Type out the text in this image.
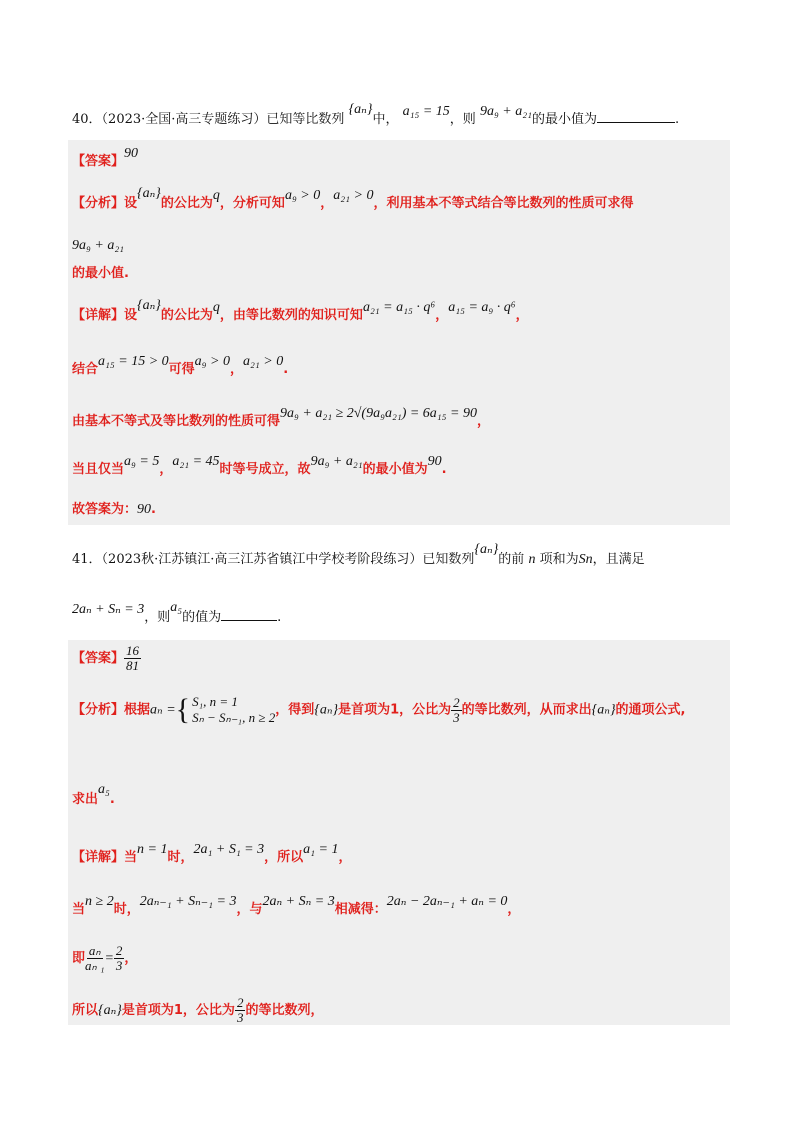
40．（2023·全国·高三专题练习）已知等比数列 {aₙ}中， a₁₅ = 15，则 9a₉ + a₂₁的最小值为	.
【答案】90
【分析】设{aₙ}的公比为q，分析可知a₉ > 0，a₂₁ > 0，利用基本不等式结合等比数列的性质可求得
9a₉ + a₂₁
的最小值.
【详解】设{aₙ}的公比为q，由等比数列的知识可知a₂₁ = a₁₅ · q⁶，a₁₅ = a₉ · q⁶，
结合a₁₅ = 15 > 0可得a₉ > 0，a₂₁ > 0.
由基本不等式及等比数列的性质可得9a₉ + a₂₁ ≥ 2√(9a₉a₂₁) = 6a₁₅ = 90，
当且仅当a₉ = 5，a₂₁ = 45时等号成立，故9a₉ + a₂₁的最小值为90.
故答案为：90.
41．（2023秋·江苏镇江·高三江苏省镇江中学校考阶段练习）已知数列{aₙ}的前 n 项和为Sn，且满足
2aₙ + Sₙ = 3，则a₅的值为	.
【答案】 $\frac{16}{81}$
【分析】根据aₙ = { S₁, n = 1
Sₙ − Sₙ₋₁, n ≥ 2 ，得到{aₙ}是首项为1，公比为 $\frac{2}{3}$ 的等比数列，从而求出{aₙ}的通项公式,
求出a₅.
【详解】当n = 1时，2a₁ + S₁ = 3，所以a₁ = 1，
当n ≥ 2时，2aₙ₋₁ + Sₙ₋₁ = 3，与2aₙ + Sₙ = 3相减得：2aₙ − 2aₙ₋₁ + aₙ = 0，
即 $\frac{\text{aₙ}}{\text{aₙ ₁}} = \frac{2}{3}$ ，
所以{aₙ}是首项为1，公比为 $\frac{2}{3}$ 的等比数列，
